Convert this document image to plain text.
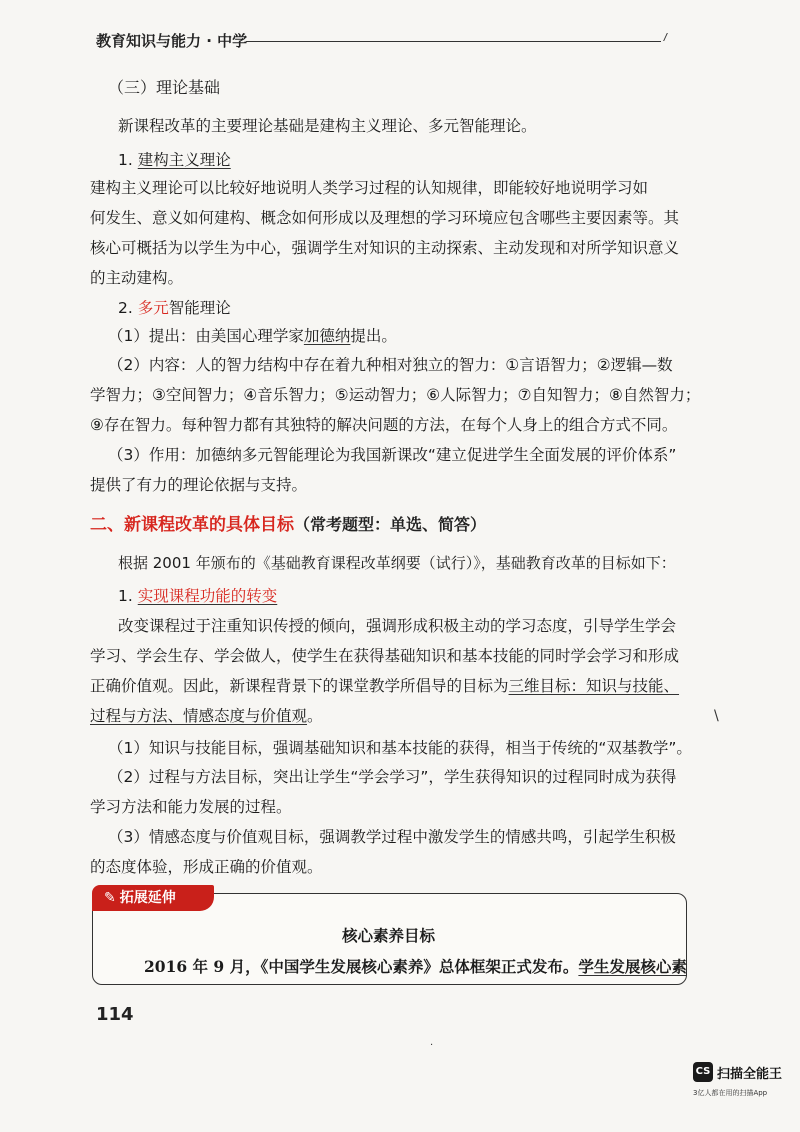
教育知识与能力 · 中学
（三）理论基础
新课程改革的主要理论基础是建构主义理论、多元智能理论。
1. 建构主义理论
建构主义理论可以比较好地说明人类学习过程的认知规律，即能较好地说明学习如
何发生、意义如何建构、概念如何形成以及理想的学习环境应包含哪些主要因素等。其
核心可概括为以学生为中心，强调学生对知识的主动探索、主动发现和对所学知识意义
的主动建构。
2. 多元智能理论
（1）提出：由美国心理学家加德纳提出。
（2）内容：人的智力结构中存在着九种相对独立的智力：①言语智力；②逻辑—数
学智力；③空间智力；④音乐智力；⑤运动智力；⑥人际智力；⑦自知智力；⑧自然智力；
⑨存在智力。每种智力都有其独特的解决问题的方法，在每个人身上的组合方式不同。
（3）作用：加德纳多元智能理论为我国新课改“建立促进学生全面发展的评价体系”
提供了有力的理论依据与支持。
二、新课程改革的具体目标（常考题型：单选、简答）
根据 2001 年颁布的《基础教育课程改革纲要（试行）》，基础教育改革的目标如下：
1. 实现课程功能的转变
改变课程过于注重知识传授的倾向，强调形成积极主动的学习态度，引导学生学会
学习、学会生存、学会做人，使学生在获得基础知识和基本技能的同时学会学习和形成
正确价值观。因此，新课程背景下的课堂教学所倡导的目标为三维目标：知识与技能、
过程与方法、情感态度与价值观。
（1）知识与技能目标，强调基础知识和基本技能的获得，相当于传统的“双基教学”。
（2）过程与方法目标，突出让学生“学会学习”，学生获得知识的过程同时成为获得
学习方法和能力发展的过程。
（3）情感态度与价值观目标，强调教学过程中激发学生的情感共鸣，引起学生积极
的态度体验，形成正确的价值观。
✎ 拓展延伸
核心素养目标
2016 年 9 月，《中国学生发展核心素养》总体框架正式发布。学生发展核心素
114
\
·
CS 扫描全能王
3亿人都在用的扫描App
